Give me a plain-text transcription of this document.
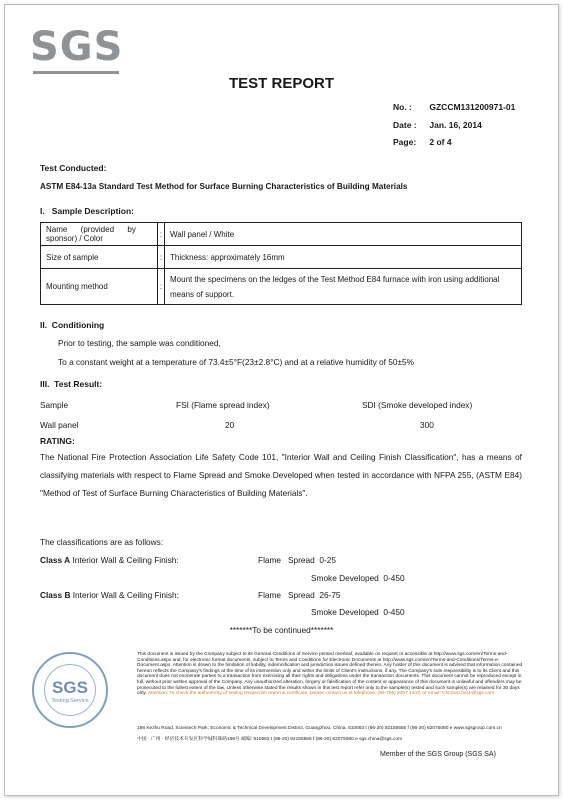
SGS
TEST REPORT
No. : GZCCM131200971-01
Date : Jan. 16, 2014
Page: 2 of 4
Test Conducted:
ASTM E84-13a Standard Test Method for Surface Burning Characteristics of Building Materials
I.   Sample Description:
Name      (provided      by sponsor) / Color	:	Wall panel / White
Size of sample	:	Thickness: approximately 16mm
Mounting method	:	Mount the specimens on the ledges of the Test Method E84 furnace with iron using additional means of support.
II.  Conditioning
Prior to testing, the sample was conditioned,
To a constant weight at a temperature of 73.4±5°F(23±2.8°C) and at a relative humidity of 50±5%
III.  Test Result:
Sample	FSI (Flame spread index)	SDI (Smoke developed index)
Wall panel	20	300
RATING:
The National Fire Protection Association Life Safety Code 101, "Interior Wall and Ceiling Finish Classification", has a means of classifying materials with respect to Flame Spread and Smoke Developed when tested in accordance with NFPA 255, (ASTM E84) "Method of Test of Surface Burning Characteristics of Building Materials".
The classifications are as follows:
Class A Interior Wall & Ceiling Finish:	Flame   Spread  0-25
Smoke Developed  0-450
Class B Interior Wall & Ceiling Finish:	Flame   Spread  26-75
Smoke Developed  0-450
*******To be continued*******
SGS
Testing Service
This document is issued by the Company subject to its General Conditions of Service printed overleaf, available on request or accessible at http://www.sgs.com/en/Terms-and-Conditions.aspx and, for electronic format documents, subject to Terms and Conditions for Electronic Documents at http://www.sgs.com/en/Terms-and-Conditions/Terms-e-Document.aspx. Attention is drawn to the limitation of liability, indemnification and jurisdiction issues defined therein. Any holder of this document is advised that information contained hereon reflects the Company's findings at the time of its intervention only and within the limits of Client's instructions, if any. The Company's sole responsibility is to its Client and this document does not exonerate parties to a transaction from exercising all their rights and obligations under the transaction documents. This document cannot be reproduced except in full, without prior written approval of the Company. Any unauthorized alteration, forgery or falsification of the content or appearance of this document is unlawful and offenders may be prosecuted to the fullest extent of the law. Unless otherwise stated the results shown in this test report refer only to the sample(s) tested and such sample(s) are retained for 30 days only. Attention: To check the authenticity of testing /inspection report & certificate, please contact us at telephone: (86-755) 8307 1443, or email: CN.Doccheck@sgs.com
198 Kezhu Road, Scientech Park, Economic & Technical Development District, Guangzhou, China. 510663 t (86-20) 82155555 f (86-20) 82075080 e www.sgsgroup.com.cn
中国 · 广州 · 经济技术开发区科学城科珠路198号 邮编: 510663 t (86-20) 82155555 f (86-20) 82075080 e sgs.china@sgs.com
Member of the SGS Group (SGS SA)
